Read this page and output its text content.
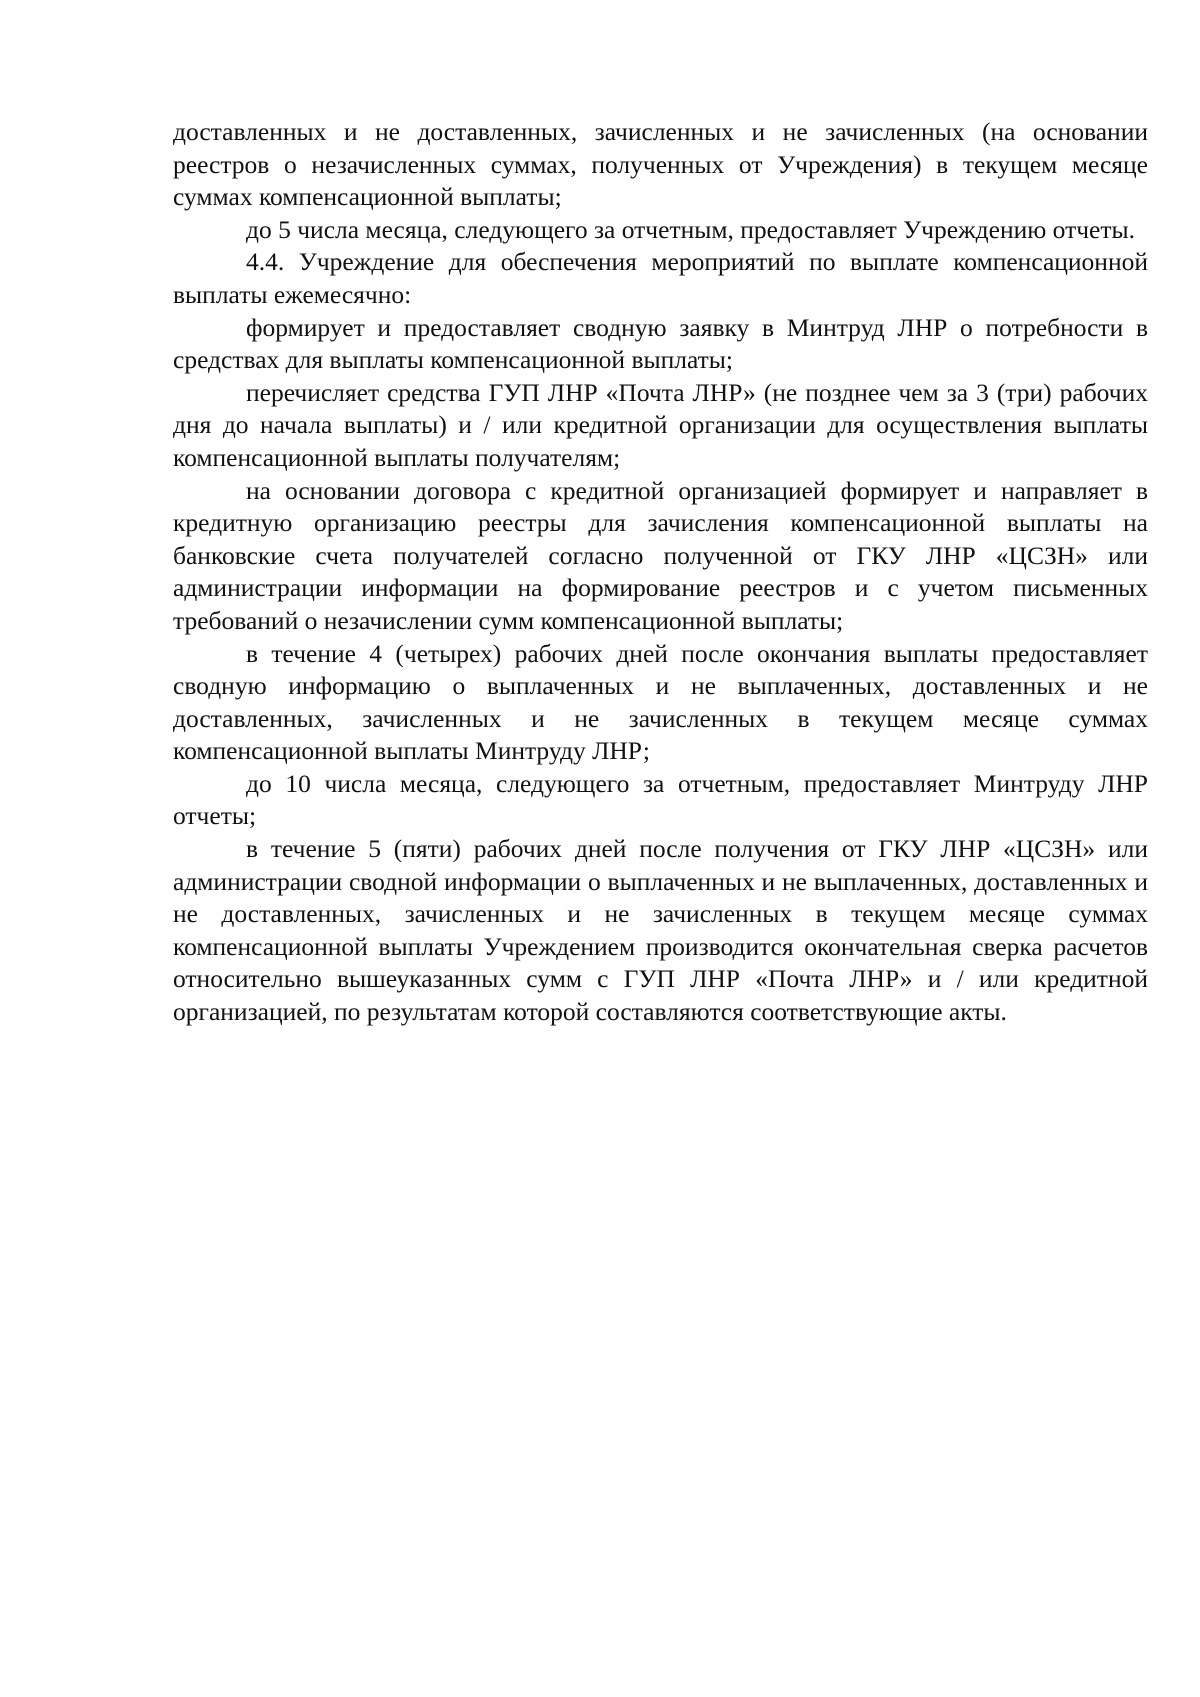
доставленных и не доставленных, зачисленных и не зачисленных (на основании реестров о незачисленных суммах, полученных от Учреждения) в текущем месяце суммах компенсационной выплаты;

до 5 числа месяца, следующего за отчетным, предоставляет Учреждению отчеты.

4.4. Учреждение для обеспечения мероприятий по выплате компенсационной выплаты ежемесячно:

формирует и предоставляет сводную заявку в Минтруд ЛНР о потребности в средствах для выплаты компенсационной выплаты;

перечисляет средства ГУП ЛНР «Почта ЛНР» (не позднее чем за 3 (три) рабочих дня до начала выплаты) и / или кредитной организации для осуществления выплаты компенсационной выплаты получателям;

на основании договора с кредитной организацией формирует и направляет в кредитную организацию реестры для зачисления компенсационной выплаты на банковские счета получателей согласно полученной от ГКУ ЛНР «ЦСЗН» или администрации информации на формирование реестров и с учетом письменных требований о незачислении сумм компенсационной выплаты;

в течение 4 (четырех) рабочих дней после окончания выплаты предоставляет сводную информацию о выплаченных и не выплаченных, доставленных и не доставленных, зачисленных и не зачисленных в текущем месяце суммах компенсационной выплаты Минтруду ЛНР;

до 10 числа месяца, следующего за отчетным, предоставляет Минтруду ЛНР отчеты;

в течение 5 (пяти) рабочих дней после получения от ГКУ ЛНР «ЦСЗН» или администрации сводной информации о выплаченных и не выплаченных, доставленных и не доставленных, зачисленных и не зачисленных в текущем месяце суммах компенсационной выплаты Учреждением производится окончательная сверка расчетов относительно вышеуказанных сумм с ГУП ЛНР «Почта ЛНР» и / или кредитной организацией, по результатам которой составляются соответствующие акты.
